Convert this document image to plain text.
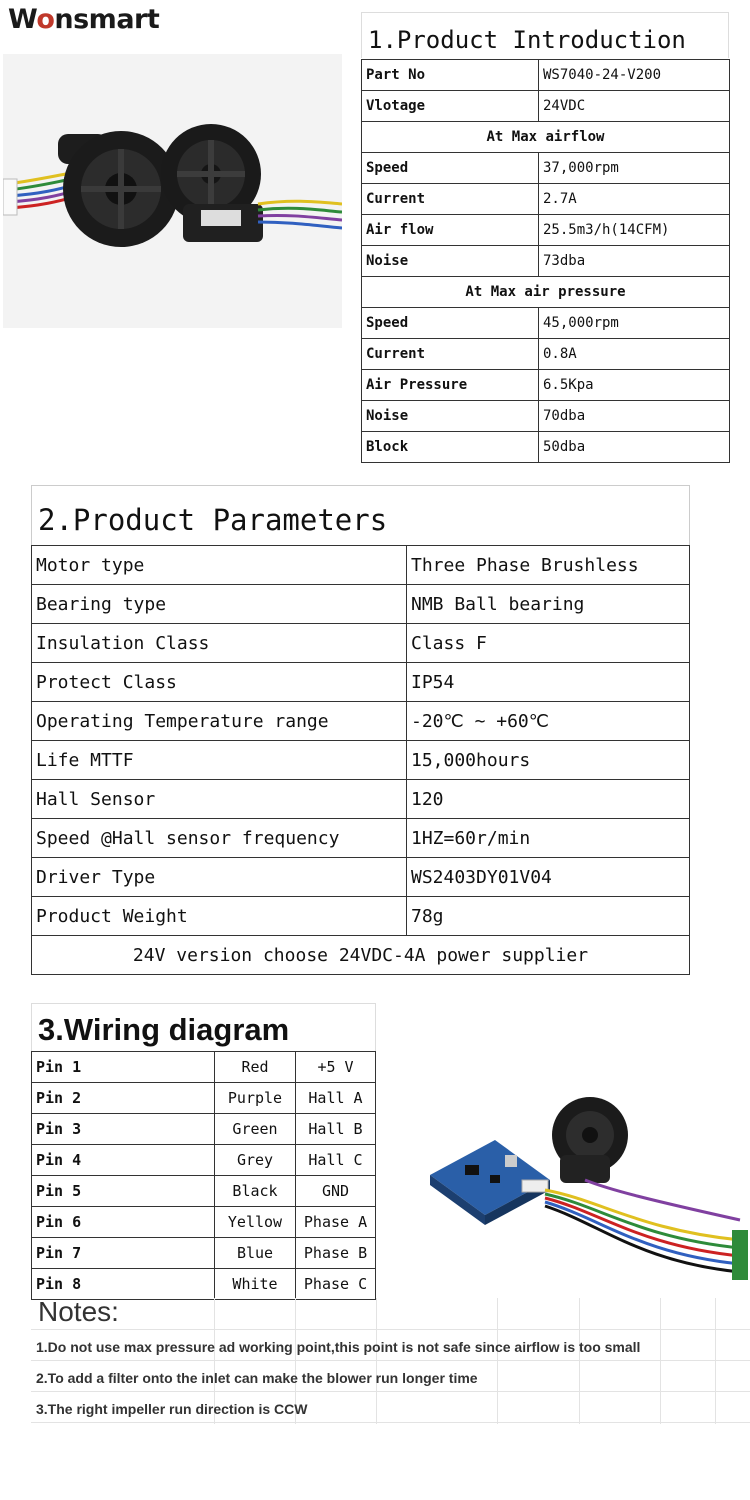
Wonsmart
1.Product Introduction
Part No	WS7040-24-V200
Vlotage	24VDC
At Max airflow	
Speed	37,000rpm
Current	2.7A
Air flow	25.5m3/h(14CFM)
Noise	73dba
At Max air pressure	
Speed	45,000rpm
Current	0.8A
Air Pressure	6.5Kpa
Noise	70dba
Block	50dba
2.Product Parameters
Motor type	Three Phase Brushless
Bearing type	NMB Ball bearing
Insulation Class	Class F
Protect Class	IP54
Operating Temperature range	-20℃ ~ +60℃
Life MTTF	15,000hours
Hall Sensor	120
Speed @Hall sensor frequency	1HZ=60r/min
Driver Type	WS2403DY01V04
Product Weight	78g
24V version choose 24VDC-4A power supplier	
3.Wiring diagram
Pin 1	Red	+5 V
Pin 2	Purple	Hall A
Pin 3	Green	Hall B
Pin 4	Grey	Hall C
Pin 5	Black	GND
Pin 6	Yellow	Phase A
Pin 7	Blue	Phase B
Pin 8	White	Phase C
Notes:
1.Do not use max pressure ad working point,this point is not safe since airflow is too small
2.To add a filter onto the inlet can make the blower run longer time
3.The right impeller run direction is CCW
